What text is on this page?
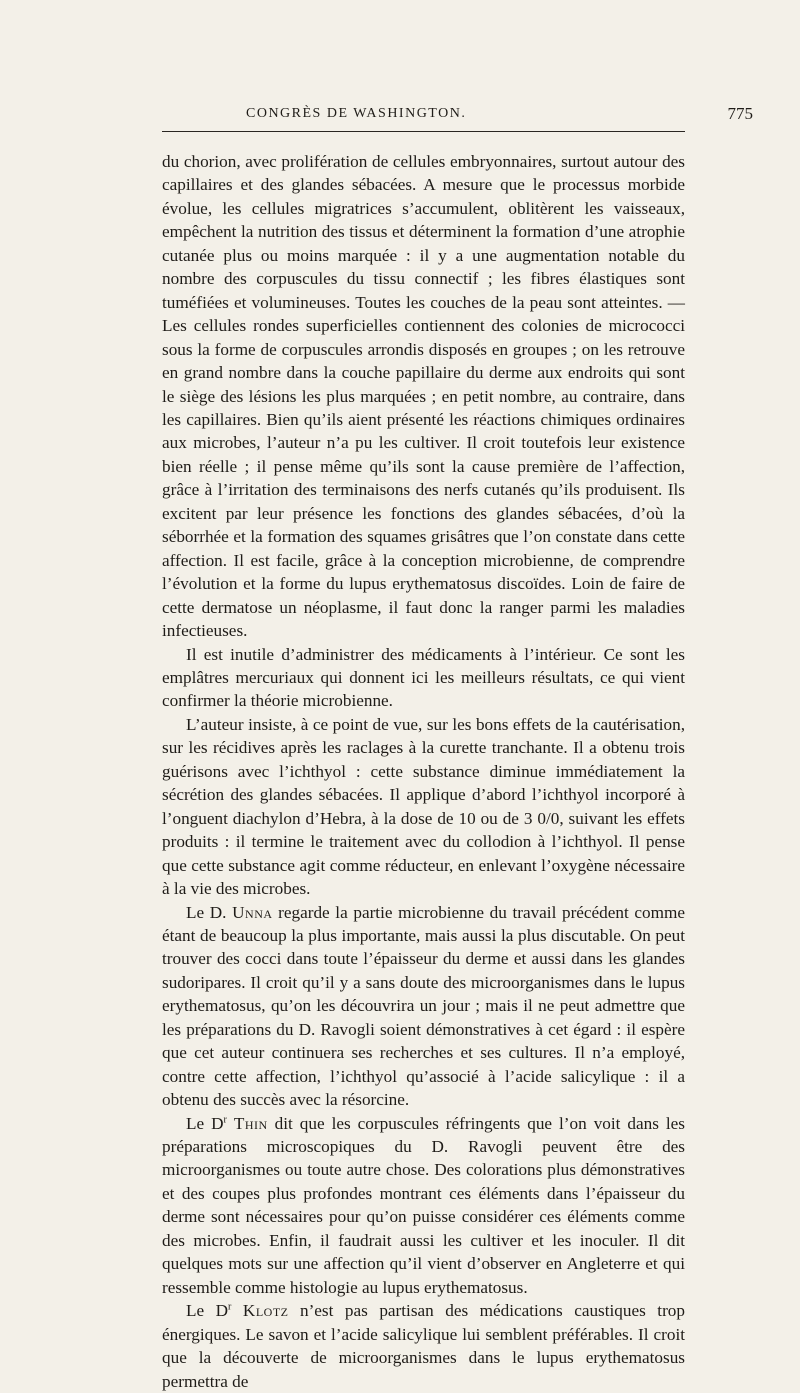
CONGRÈS DE WASHINGTON.	775

du chorion, avec prolifération de cellules embryonnaires, surtout autour des capillaires et des glandes sébacées. A mesure que le processus morbide évolue, les cellules migratrices s’accumulent, oblitèrent les vaisseaux, empêchent la nutrition des tissus et déterminent la formation d’une atrophie cutanée plus ou moins marquée : il y a une augmentation notable du nombre des corpuscules du tissu connectif ; les fibres élastiques sont tuméfiées et volumineuses. Toutes les couches de la peau sont atteintes. — Les cellules rondes superficielles contiennent des colonies de micrococci sous la forme de corpuscules arrondis disposés en groupes ; on les retrouve en grand nombre dans la couche papillaire du derme aux endroits qui sont le siège des lésions les plus marquées ; en petit nombre, au contraire, dans les capillaires. Bien qu’ils aient présenté les réactions chimiques ordinaires aux microbes, l’auteur n’a pu les cultiver. Il croit toutefois leur existence bien réelle ; il pense même qu’ils sont la cause première de l’affection, grâce à l’irritation des terminaisons des nerfs cutanés qu’ils produisent. Ils excitent par leur présence les fonctions des glandes sébacées, d’où la séborrhée et la formation des squames grisâtres que l’on constate dans cette affection. Il est facile, grâce à la conception microbienne, de comprendre l’évolution et la forme du lupus erythematosus discoïdes. Loin de faire de cette dermatose un néoplasme, il faut donc la ranger parmi les maladies infectieuses.

Il est inutile d’administrer des médicaments à l’intérieur. Ce sont les emplâtres mercuriaux qui donnent ici les meilleurs résultats, ce qui vient confirmer la théorie microbienne.

L’auteur insiste, à ce point de vue, sur les bons effets de la cautérisation, sur les récidives après les raclages à la curette tranchante. Il a obtenu trois guérisons avec l’ichthyol : cette substance diminue immédiatement la sécrétion des glandes sébacées. Il applique d’abord l’ichthyol incorporé à l’onguent diachylon d’Hebra, à la dose de 10 ou de 3 0/0, suivant les effets produits : il termine le traitement avec du collodion à l’ichthyol. Il pense que cette substance agit comme réducteur, en enlevant l’oxygène nécessaire à la vie des microbes.

Le D. Unna regarde la partie microbienne du travail précédent comme étant de beaucoup la plus importante, mais aussi la plus discutable. On peut trouver des cocci dans toute l’épaisseur du derme et aussi dans les glandes sudoripares. Il croit qu’il y a sans doute des microorganismes dans le lupus erythematosus, qu’on les découvrira un jour ; mais il ne peut admettre que les préparations du D. Ravogli soient démonstratives à cet égard : il espère que cet auteur continuera ses recherches et ses cultures. Il n’a employé, contre cette affection, l’ichthyol qu’associé à l’acide salicylique : il a obtenu des succès avec la résorcine.

Le $D^r$ Thin dit que les corpuscules réfringents que l’on voit dans les préparations microscopiques du D. Ravogli peuvent être des microorganismes ou toute autre chose. Des colorations plus démonstratives et des coupes plus profondes montrant ces éléments dans l’épaisseur du derme sont nécessaires pour qu’on puisse considérer ces éléments comme des microbes. Enfin, il faudrait aussi les cultiver et les inoculer. Il dit quelques mots sur une affection qu’il vient d’observer en Angleterre et qui ressemble comme histologie au lupus erythematosus.

Le $D^r$ Klotz n’est pas partisan des médications caustiques trop énergiques. Le savon et l’acide salicylique lui semblent préférables. Il croit que la découverte de microorganismes dans le lupus erythematosus permettra de
